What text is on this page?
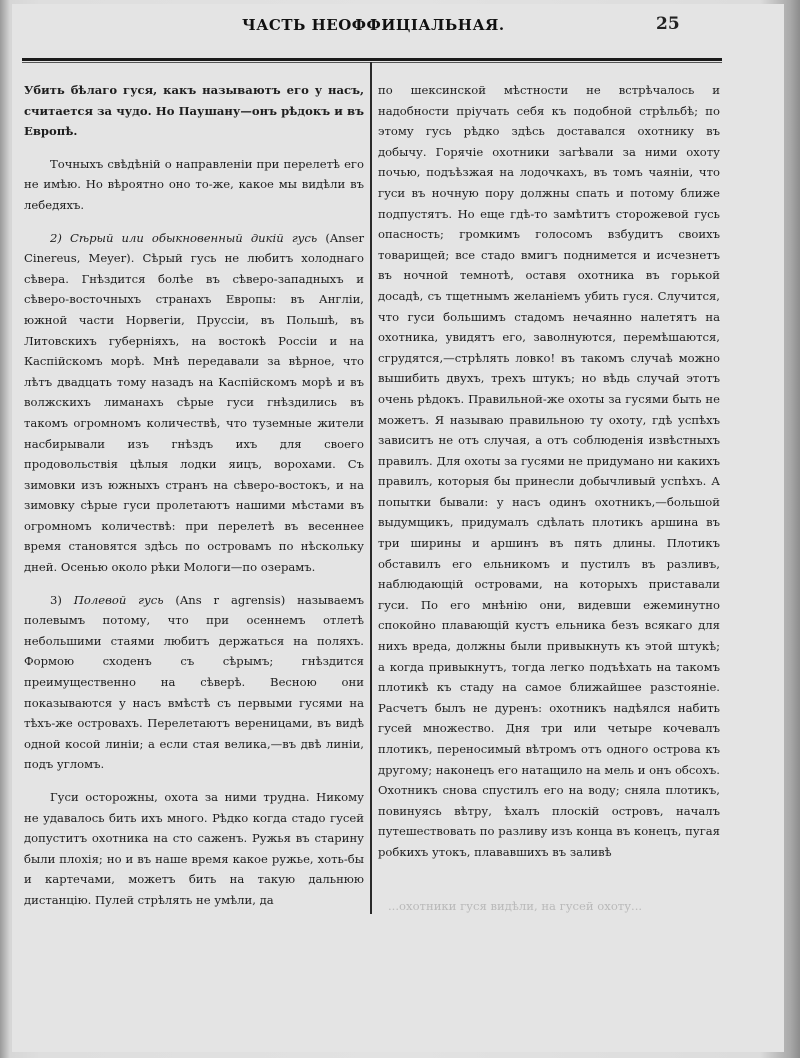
ЧАСТЬ НЕОФФИЦІАЛЬНАЯ.	25

Убить бѣлаго гуся, какъ называютъ его у насъ, считается за чудо. Но Паушану—онъ рѣдокъ и въ Европѣ.

Точныхъ свѣдѣній о направленіи при перелетѣ его не имѣю. Но вѣроятно оно то-же, какое мы видѣли въ лебедяхъ.

2) Сѣрый или обыкновенный дикій гусь (Anser Cinereus, Meyer). Сѣрый гусь не любитъ холоднаго сѣвера. Гнѣздится болѣе въ сѣверо-западныхъ и сѣверо-восточныхъ странахъ Европы: въ Англіи, южной части Норвегіи, Пруссіи, въ Польшѣ, въ Литовскихъ губерніяхъ, на востокѣ Россіи и на Каспійскомъ морѣ. Мнѣ передавали за вѣрное, что лѣтъ двадцать тому назадъ на Каспійскомъ морѣ и въ волжскихъ лиманахъ сѣрые гуси гнѣздились въ такомъ огромномъ количествѣ, что туземные жители насбирывали изъ гнѣздъ ихъ для своего продовольствія цѣлыя лодки яицъ, ворохами. Съ зимовки изъ южныхъ странъ на сѣверо-востокъ, и на зимовку сѣрые гуси пролетаютъ нашими мѣстами въ огромномъ количествѣ: при перелетѣ въ весеннее время становятся здѣсь по островамъ по нѣскольку дней. Осенью около рѣки Мологи—по озерамъ.

3) Полевой гусь (Ans r agrensis) называемъ полевымъ потому, что при осеннемъ отлетѣ небольшими стаями любитъ держаться на поляхъ. Формою сходенъ съ сѣрымъ; гнѣздится преимущественно на сѣверѣ. Весною они показываются у насъ вмѣстѣ съ первыми гусями на тѣхъ-же островахъ. Перелетаютъ вереницами, въ видѣ одной косой линіи; а если стая велика,—въ двѣ линіи, подъ угломъ.

Гуси осторожны, охота за ними трудна. Никому не удавалось бить ихъ много. Рѣдко когда стадо гусей допуститъ охотника на сто саженъ. Ружья въ старину были плохія; но и въ наше время какое ружье, хоть-бы и картечами, можетъ бить на такую дальнюю дистанцію. Пулей стрѣлять не умѣли, да

по шексинской мѣстности не встрѣчалось и надобности пріучать себя къ подобной стрѣльбѣ; по этому гусь рѣдко здѣсь доставался охотнику въ добычу. Горячіе охотники загѣвали за ними охоту почью, подъѣзжая на лодочкахъ, въ томъ чаяніи, что гуси въ ночную пору должны спать и потому ближе подпустятъ. Но еще гдѣ-то замѣтитъ сторожевой гусь опасность; громкимъ голосомъ взбудитъ своихъ товарищей; все стадо вмигъ поднимется и исчезнетъ въ ночной темнотѣ, оставя охотника въ горькой досадѣ, съ тщетнымъ желаніемъ убить гуся. Случится, что гуси большимъ стадомъ нечаянно налетятъ на охотника, увидятъ его, заволнуются, перемѣшаются, сгрудятся,—стрѣлять ловко! въ такомъ случаѣ можно вышибить двухъ, трехъ штукъ; но вѣдь случай этотъ очень рѣдокъ. Правильной-же охоты за гусями быть не можетъ. Я называю правильною ту охоту, гдѣ успѣхъ зависитъ не отъ случая, а отъ соблюденія извѣстныхъ правилъ. Для охоты за гусями не придумано ни какихъ правилъ, которыя бы принесли добычливый успѣхъ. А попытки бывали: у насъ одинъ охотникъ,—большой выдумщикъ, придумалъ сдѣлать плотикъ аршина въ три ширины и аршинъ въ пять длины. Плотикъ обставилъ его ельникомъ и пустилъ въ разливъ, наблюдающій островами, на которыхъ приставали гуси. По его мнѣнію они, видевши ежеминутно спокойно плавающій кустъ ельника безъ всякаго для нихъ вреда, должны были привыкнуть къ этой штукѣ; а когда привыкнутъ, тогда легко подъѣхать на такомъ плотикѣ къ стаду на самое ближайшее разстояніе. Расчетъ былъ не дуренъ: охотникъ надѣялся набить гусей множество. Дня три или четыре кочевалъ плотикъ, переносимый вѣтромъ отъ одного острова къ другому; наконецъ его натащило на мель и онъ обсохъ. Охотникъ снова спустилъ его на воду; сняла плотикъ, повинуясь вѣтру, ѣхалъ плоскій островъ, началъ путешествовать по разливу изъ конца въ конецъ, пугая робкихъ утокъ, плававшихъ въ заливѣ

...охотники гуся видѣли, на гусей охоту...
